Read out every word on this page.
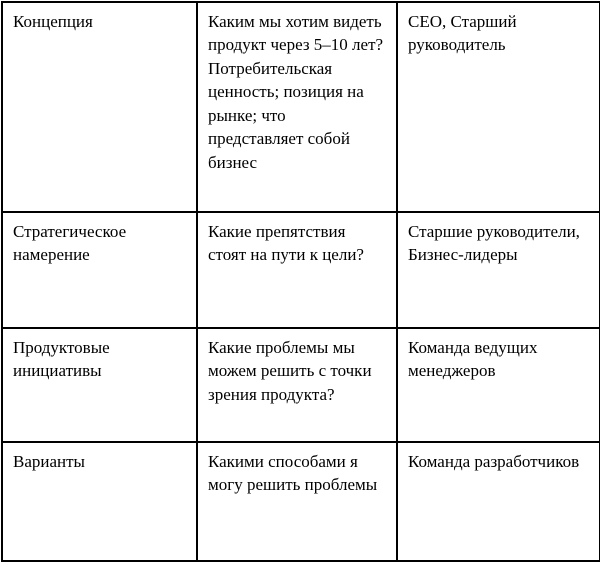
Концепция	Каким мы хотим видеть продукт через 5–10 лет? Потребительская ценность; позиция на рынке; что представляет собой бизнес	CEO, Старший руководитель
Стратегическое намерение	Какие препятствия стоят на пути к цели?	Старшие руководители, Бизнес-лидеры
Продуктовые инициативы	Какие проблемы мы можем решить с точки зрения продукта?	Команда ведущих менеджеров
Варианты	Какими способами я могу решить проблемы	Команда разработчиков
